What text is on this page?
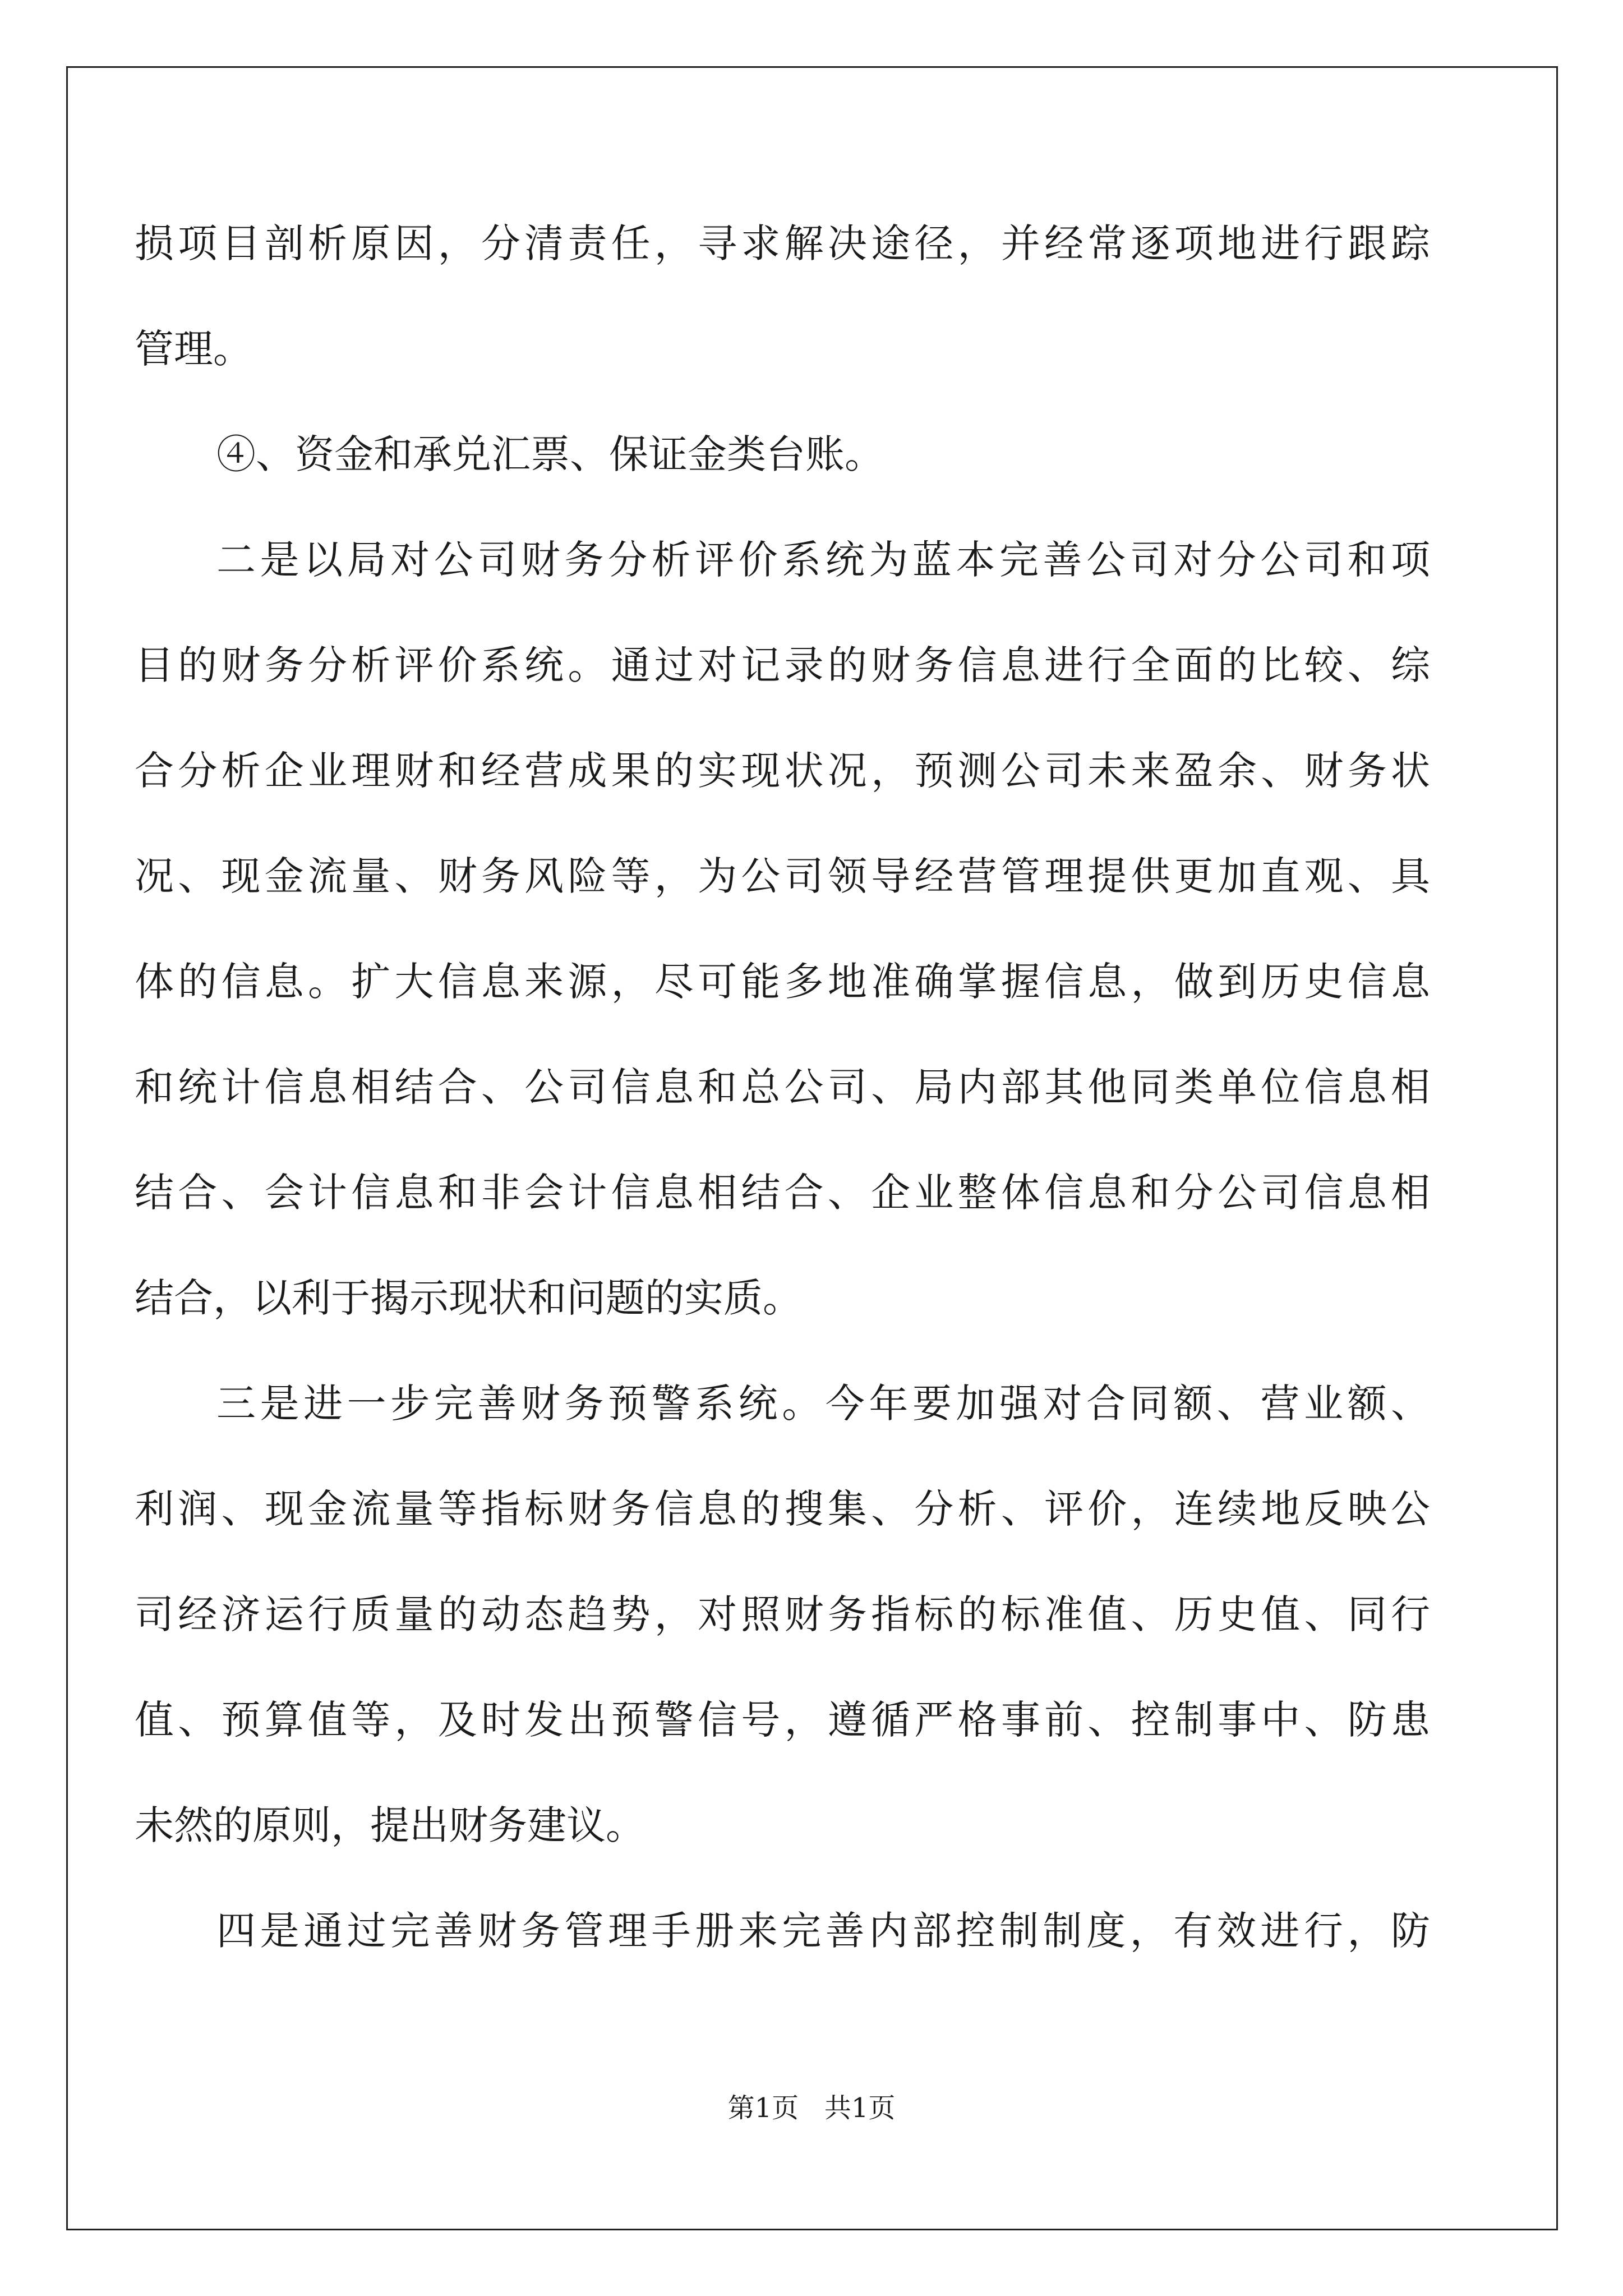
损项目剖析原因，分清责任，寻求解决途径，并经常逐项地进行跟踪
管理。
④、资金和承兑汇票、保证金类台账。
二是以局对公司财务分析评价系统为蓝本完善公司对分公司和项
目的财务分析评价系统。通过对记录的财务信息进行全面的比较、综
合分析企业理财和经营成果的实现状况，预测公司未来盈余、财务状
况、现金流量、财务风险等，为公司领导经营管理提供更加直观、具
体的信息。扩大信息来源，尽可能多地准确掌握信息，做到历史信息
和统计信息相结合、公司信息和总公司、局内部其他同类单位信息相
结合、会计信息和非会计信息相结合、企业整体信息和分公司信息相
结合，以利于揭示现状和问题的实质。
三是进一步完善财务预警系统。今年要加强对合同额、营业额、
利润、现金流量等指标财务信息的搜集、分析、评价，连续地反映公
司经济运行质量的动态趋势，对照财务指标的标准值、历史值、同行
值、预算值等，及时发出预警信号，遵循严格事前、控制事中、防患
未然的原则，提出财务建议。
四是通过完善财务管理手册来完善内部控制制度，有效进行，防
第1页   共1页
